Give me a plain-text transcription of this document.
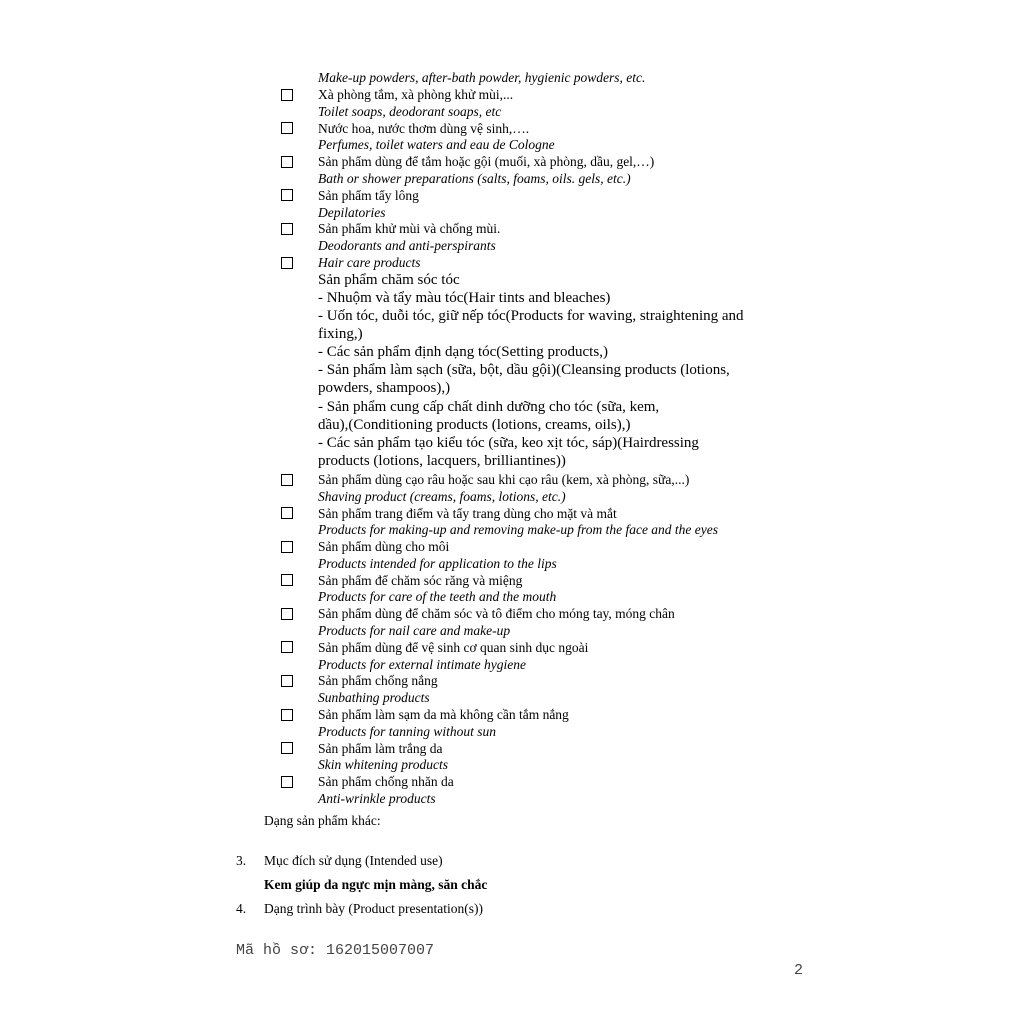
Make-up powders, after-bath powder, hygienic powders, etc.
Xà phòng tắm, xà phòng khử mùi,...
Toilet soaps, deodorant soaps, etc
Nước hoa, nước thơm dùng vệ sinh,….
Perfumes, toilet waters and eau de Cologne
Sản phẩm dùng để tắm hoặc gội (muối, xà phòng, dầu, gel,…)
Bath or shower preparations (salts, foams, oils. gels, etc.)
Sản phẩm tẩy lông
Depilatories
Sản phẩm khử mùi và chống mùi.
Deodorants and anti-perspirants
Hair care products
Sản phẩm chăm sóc tóc
- Nhuộm và tẩy màu tóc(Hair tints and bleaches)
- Uốn tóc, duỗi tóc, giữ nếp tóc(Products for waving, straightening and
fixing,)
- Các sản phẩm định dạng tóc(Setting products,)
- Sản phẩm làm sạch (sữa, bột, dầu gội)(Cleansing products (lotions,
powders, shampoos),)
- Sản phẩm cung cấp chất dinh dưỡng cho tóc (sữa, kem,
dầu),(Conditioning products (lotions, creams, oils),)
- Các sản phẩm tạo kiểu tóc (sữa, keo xịt tóc, sáp)(Hairdressing
products (lotions, lacquers, brilliantines))
Sản phẩm dùng cạo râu hoặc sau khi cạo râu (kem, xà phòng, sữa,...)
Shaving product (creams, foams, lotions, etc.)
Sản phẩm trang điểm và tẩy trang dùng cho mặt và mắt
Products for making-up and removing make-up from the face and the eyes
Sản phẩm dùng cho môi
Products intended for application to the lips
Sản phẩm để chăm sóc răng và miệng
Products for care of the teeth and the mouth
Sản phẩm dùng để chăm sóc và tô điểm cho móng tay, móng chân
Products for nail care and make-up
Sản phẩm dùng để vệ sinh cơ quan sinh dục ngoài
Products for external intimate hygiene
Sản phẩm chống nắng
Sunbathing products
Sản phẩm làm sạm da mà không cần tắm nắng
Products for tanning without sun
Sản phẩm làm trắng da
Skin whitening products
Sản phẩm chống nhăn da
Anti-wrinkle products
Dạng sản phẩm khác:
3. Mục đích sử dụng (Intended use)
Kem giúp da ngực mịn màng, săn chắc
4. Dạng trình bày (Product presentation(s))
Mã hồ sơ: 162015007007
2
